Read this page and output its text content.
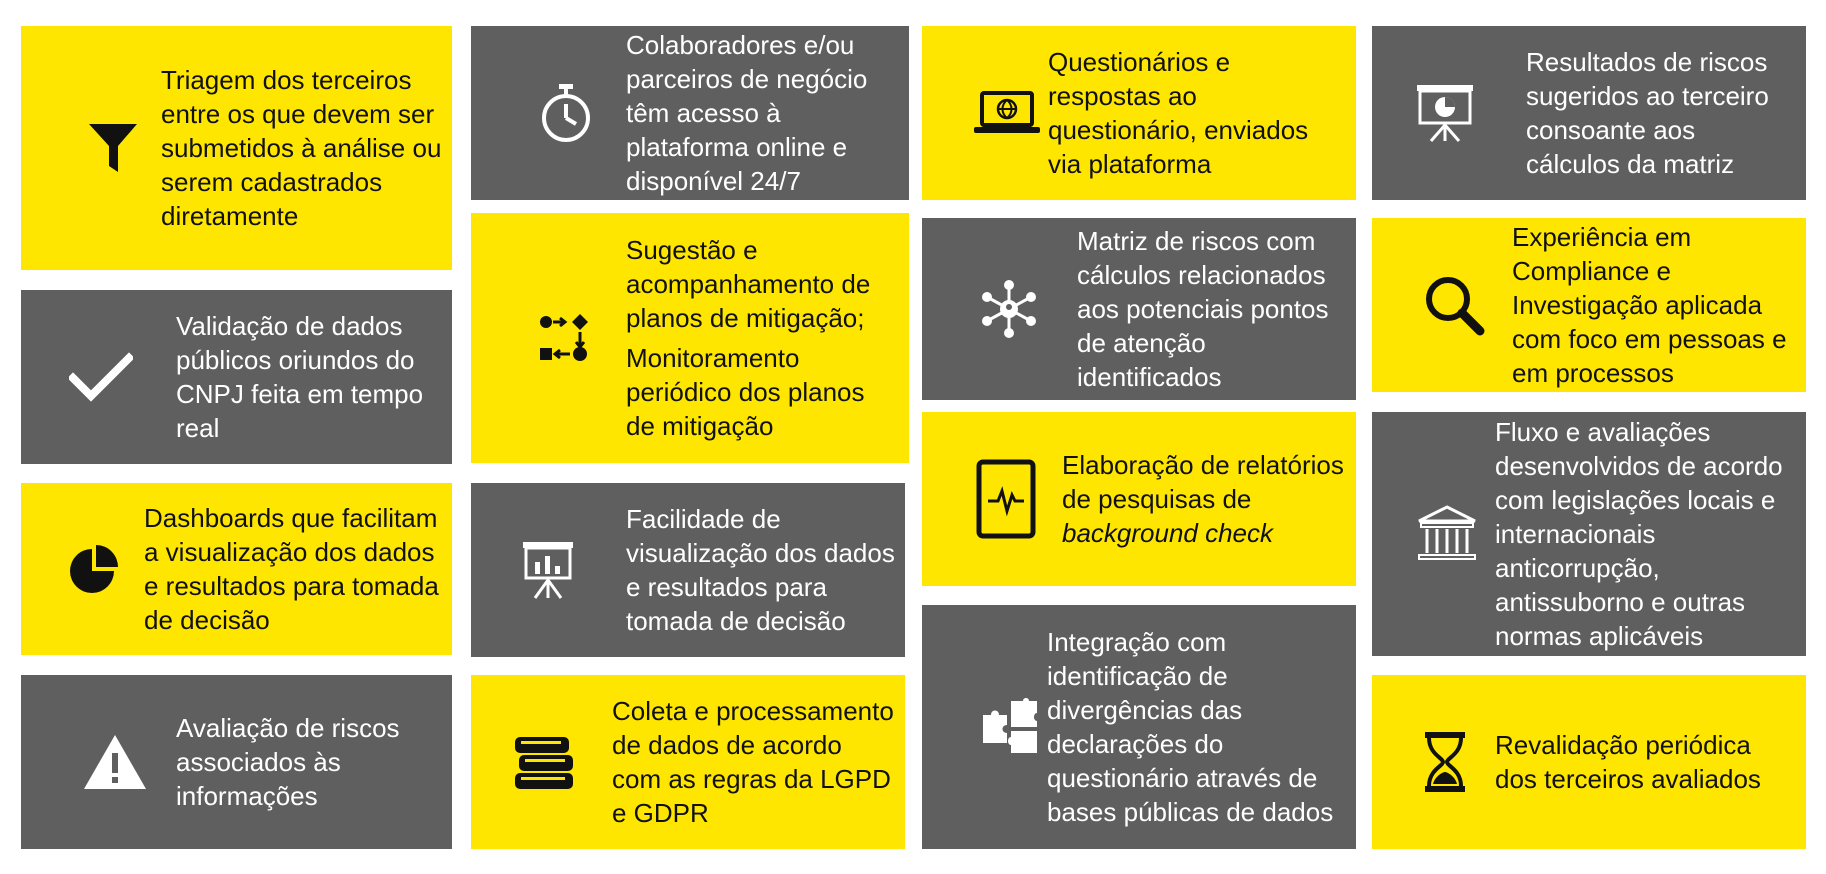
Triagem dos terceiros entre os que devem ser submetidos à análise ou serem cadastrados diretamente

Validação de dados públicos oriundos do CNPJ feita em tempo real

Dashboards que facilitam a visualização dos dados e resultados para tomada de decisão

Avaliação de riscos associados às informações

Colaboradores e/ou parceiros de negócio têm acesso à plataforma online e disponível 24/7

Sugestão e acompanhamento de planos de mitigação;

Monitoramento periódico dos planos de mitigação

Facilidade de visualização dos dados e resultados para tomada de decisão

Coleta e processamento de dados de acordo com as regras da LGPD e GDPR

Questionários e respostas ao questionário, enviados via plataforma

Matriz de riscos com cálculos relacionados aos potenciais pontos de atenção identificados

Elaboração de relatórios de pesquisas de background check

Integração com identificação de divergências das declarações do questionário através de bases públicas de dados

Resultados de riscos sugeridos ao terceiro consoante aos cálculos da matriz

Experiência em Compliance e Investigação aplicada com foco em pessoas e em processos

Fluxo e avaliações desenvolvidos de acordo com legislações locais e internacionais anticorrupção, antissuborno e outras normas aplicáveis

Revalidação periódica dos terceiros avaliados
